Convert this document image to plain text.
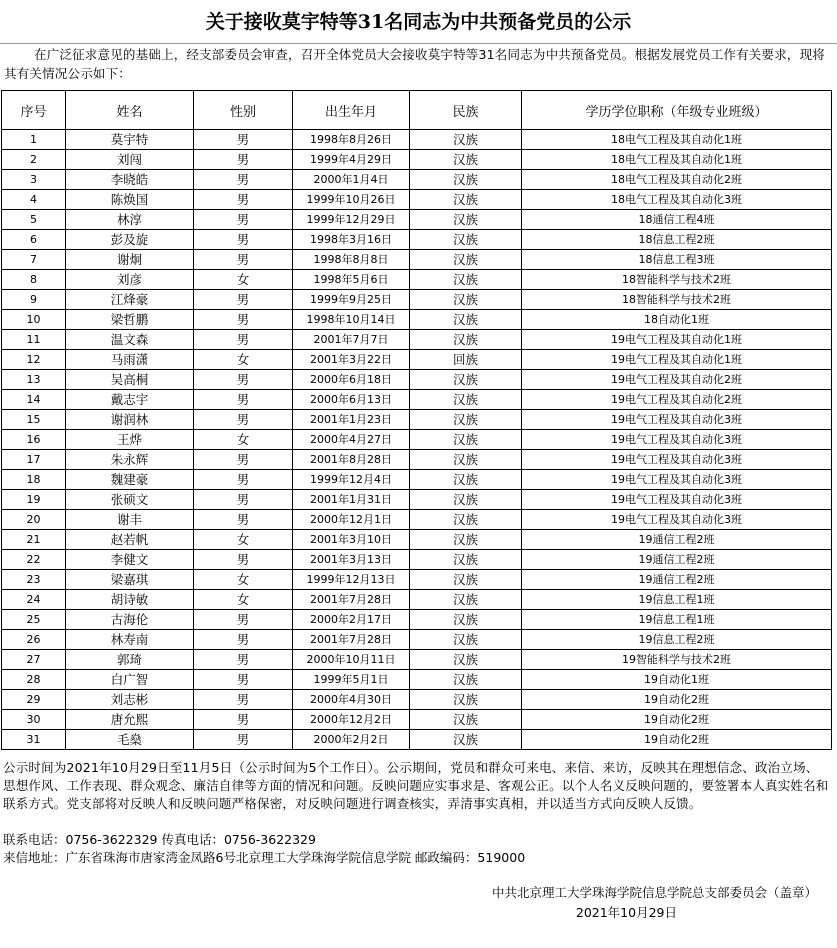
关于接收莫宇特等31名同志为中共预备党员的公示
在广泛征求意见的基础上，经支部委员会审查，召开全体党员大会接收莫宇特等31名同志为中共预备党员。根据发展党员工作有关要求，现将其有关情况公示如下：
序号	姓名	性别	出生年月	民族	学历学位职称（年级专业班级）
1	莫宇特	男	1998年8月26日	汉族	18电气工程及其自动化1班
2	刘闯	男	1999年4月29日	汉族	18电气工程及其自动化1班
3	李晓皓	男	2000年1月4日	汉族	18电气工程及其自动化2班
4	陈焕国	男	1999年10月26日	汉族	18电气工程及其自动化3班
5	林淳	男	1999年12月29日	汉族	18通信工程4班
6	彭及旋	男	1998年3月16日	汉族	18信息工程2班
7	谢炯	男	1998年8月8日	汉族	18信息工程3班
8	刘彦	女	1998年5月6日	汉族	18智能科学与技术2班
9	江烽豪	男	1999年9月25日	汉族	18智能科学与技术2班
10	梁哲鹏	男	1998年10月14日	汉族	18自动化1班
11	温文森	男	2001年7月7日	汉族	19电气工程及其自动化1班
12	马雨潇	女	2001年3月22日	回族	19电气工程及其自动化1班
13	吴高桐	男	2000年6月18日	汉族	19电气工程及其自动化2班
14	戴志宇	男	2000年6月13日	汉族	19电气工程及其自动化2班
15	谢润林	男	2001年1月23日	汉族	19电气工程及其自动化3班
16	王烨	女	2000年4月27日	汉族	19电气工程及其自动化3班
17	朱永辉	男	2001年8月28日	汉族	19电气工程及其自动化3班
18	魏建豪	男	1999年12月4日	汉族	19电气工程及其自动化3班
19	张硕文	男	2001年1月31日	汉族	19电气工程及其自动化3班
20	谢丰	男	2000年12月1日	汉族	19电气工程及其自动化3班
21	赵若帆	女	2001年3月10日	汉族	19通信工程2班
22	李健文	男	2001年3月13日	汉族	19通信工程2班
23	梁嘉琪	女	1999年12月13日	汉族	19通信工程2班
24	胡诗敏	女	2001年7月28日	汉族	19信息工程1班
25	古海伦	男	2000年2月17日	汉族	19信息工程1班
26	林寿南	男	2001年7月28日	汉族	19信息工程2班
27	郭琦	男	2000年10月11日	汉族	19智能科学与技术2班
28	白广智	男	1999年5月1日	汉族	19自动化1班
29	刘志彬	男	2000年4月30日	汉族	19自动化2班
30	唐允熙	男	2000年12月2日	汉族	19自动化2班
31	毛燊	男	2000年2月2日	汉族	19自动化2班
公示时间为2021年10月29日至11月5日（公示时间为5个工作日）。公示期间，党员和群众可来电、来信、来访，反映其在理想信念、政治立场、思想作风、工作表现、群众观念、廉洁自律等方面的情况和问题。反映问题应实事求是、客观公正。以个人名义反映问题的，要签署本人真实姓名和联系方式。党支部将对反映人和反映问题严格保密，对反映问题进行调查核实，弄清事实真相，并以适当方式向反映人反馈。
联系电话：0756-3622329 传真电话：0756-3622329
来信地址：广东省珠海市唐家湾金凤路6号北京理工大学珠海学院信息学院 邮政编码：519000
中共北京理工大学珠海学院信息学院总支部委员会（盖章）
2021年10月29日
